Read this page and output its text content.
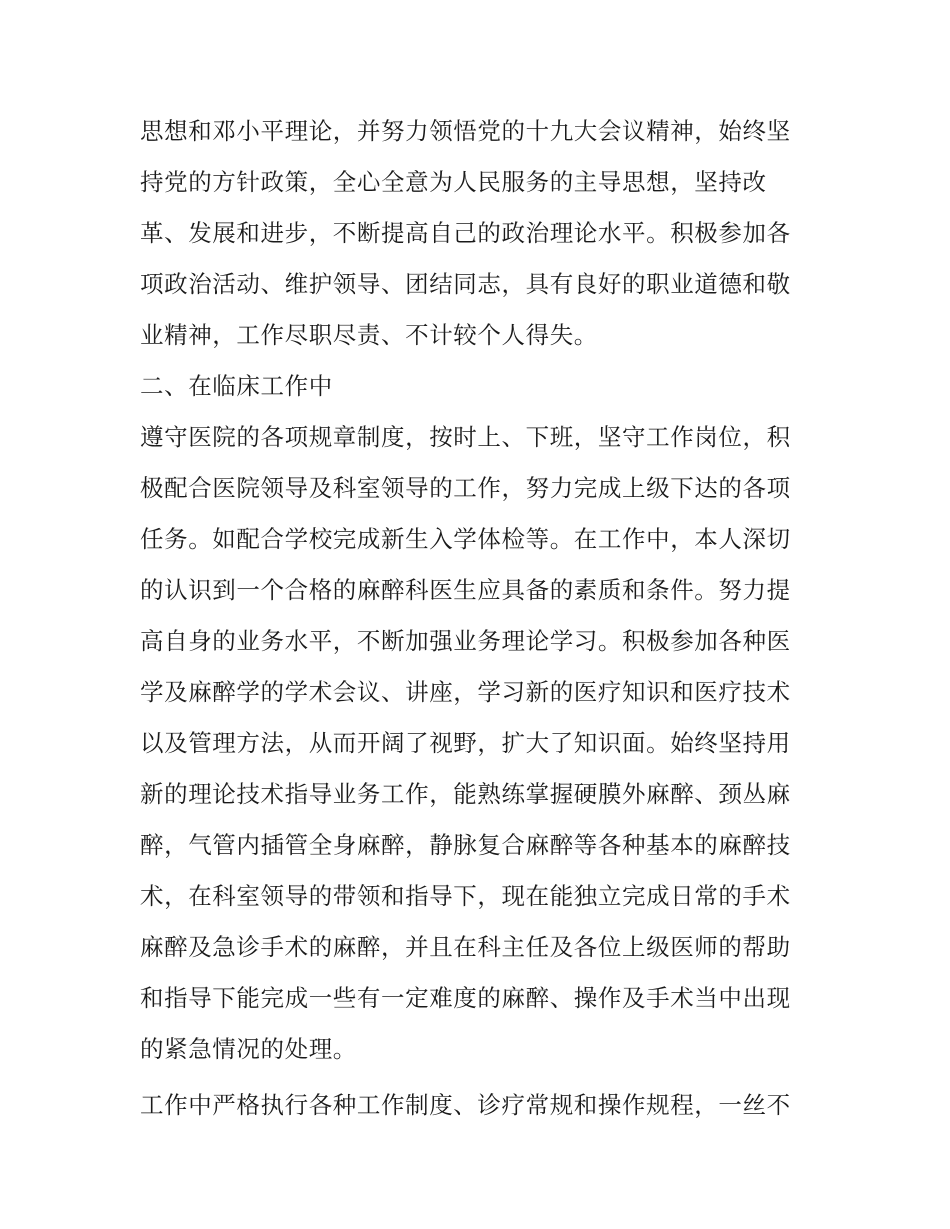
思想和邓小平理论，并努力领悟党的十九大会议精神，始终坚
持党的方针政策，全心全意为人民服务的主导思想，坚持改
革、发展和进步，不断提高自己的政治理论水平。积极参加各
项政治活动、维护领导、团结同志，具有良好的职业道德和敬
业精神，工作尽职尽责、不计较个人得失。
二、在临床工作中
遵守医院的各项规章制度，按时上、下班，坚守工作岗位，积
极配合医院领导及科室领导的工作，努力完成上级下达的各项
任务。如配合学校完成新生入学体检等。在工作中，本人深切
的认识到一个合格的麻醉科医生应具备的素质和条件。努力提
高自身的业务水平，不断加强业务理论学习。积极参加各种医
学及麻醉学的学术会议、讲座，学习新的医疗知识和医疗技术
以及管理方法，从而开阔了视野，扩大了知识面。始终坚持用
新的理论技术指导业务工作，能熟练掌握硬膜外麻醉、颈丛麻
醉，气管内插管全身麻醉，静脉复合麻醉等各种基本的麻醉技
术，在科室领导的带领和指导下，现在能独立完成日常的手术
麻醉及急诊手术的麻醉，并且在科主任及各位上级医师的帮助
和指导下能完成一些有一定难度的麻醉、操作及手术当中出现
的紧急情况的处理。
工作中严格执行各种工作制度、诊疗常规和操作规程，一丝不
